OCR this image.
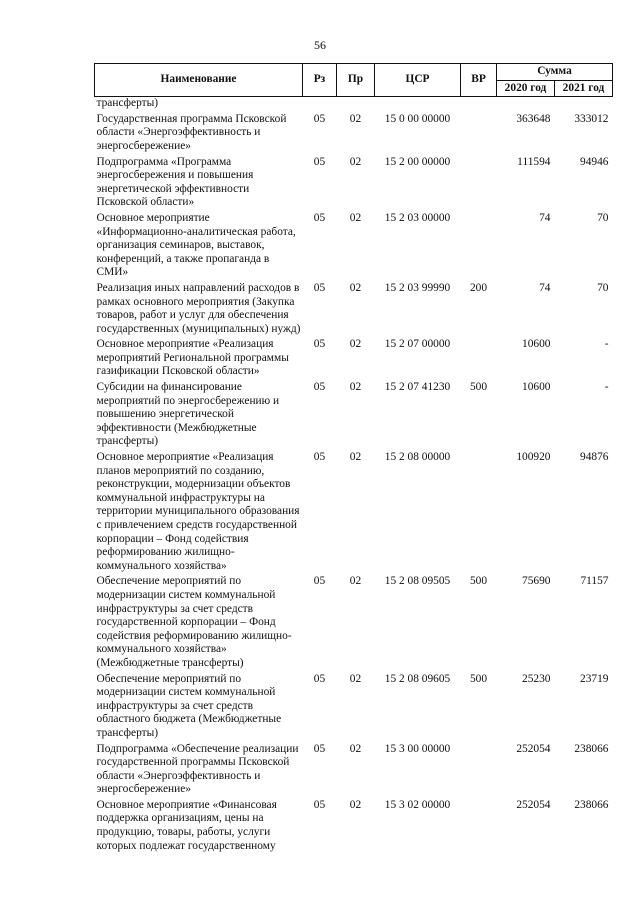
56
Наименование	Рз	Пр	ЦСР	ВР	Сумма	
					2020 год	2021 год
трансферты)						
Государственная программа Псковской области «Энергоэффективность и энергосбережение»	05	02	15 0 00 00000		363648	333012
Подпрограмма «Программа энергосбережения и повышения энергетической эффективности Псковской области»	05	02	15 2 00 00000		111594	94946
Основное мероприятие «Информационно-аналитическая работа, организация семинаров, выставок, конференций, а также пропаганда в СМИ»	05	02	15 2 03 00000		74	70
Реализация иных направлений расходов в рамках основного мероприятия (Закупка товаров, работ и услуг для обеспечения государственных (муниципальных) нужд)	05	02	15 2 03 99990	200	74	70
Основное мероприятие «Реализация мероприятий Региональной программы газификации Псковской области»	05	02	15 2 07 00000		10600	-
Субсидии на финансирование мероприятий по энергосбережению и повышению энергетической эффективности (Межбюджетные трансферты)	05	02	15 2 07 41230	500	10600	-
Основное мероприятие «Реализация планов мероприятий по созданию, реконструкции, модернизации объектов коммунальной инфраструктуры на территории муниципального образования с привлечением средств государственной корпорации – Фонд содействия реформированию жилищно-коммунального хозяйства»	05	02	15 2 08 00000		100920	94876
Обеспечение мероприятий по модернизации систем коммунальной инфраструктуры за счет средств государственной корпорации – Фонд содействия реформированию жилищно-коммунального хозяйства» (Межбюджетные трансферты)	05	02	15 2 08 09505	500	75690	71157
Обеспечение мероприятий по модернизации систем коммунальной инфраструктуры за счет средств областного бюджета (Межбюджетные трансферты)	05	02	15 2 08 09605	500	25230	23719
Подпрограмма «Обеспечение реализации государственной программы Псковской области «Энергоэффективность и энергосбережение»	05	02	15 3 00 00000		252054	238066
Основное мероприятие «Финансовая поддержка организациям, цены на продукцию, товары, работы, услуги которых подлежат государственному	05	02	15 3 02 00000		252054	238066
